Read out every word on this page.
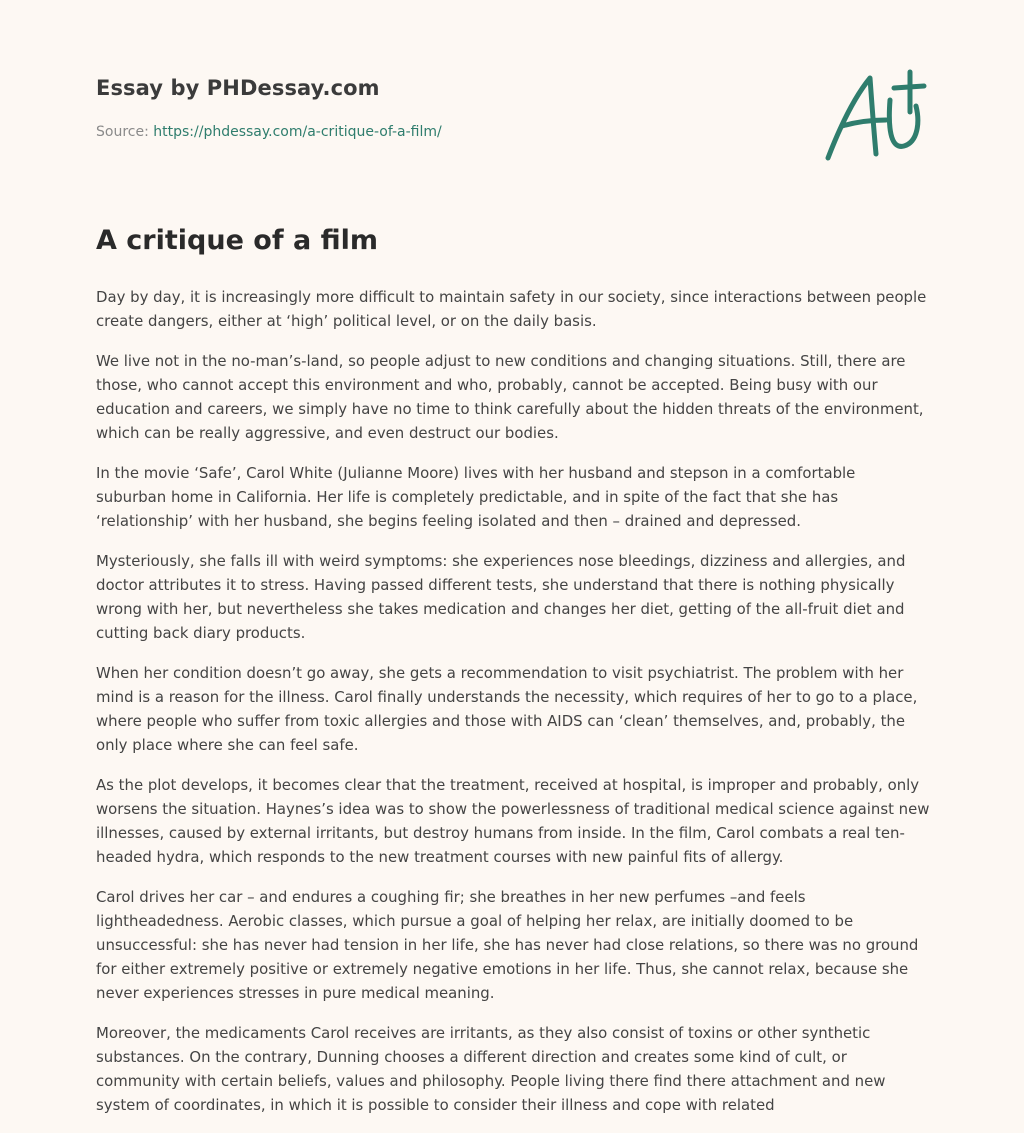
Essay by PHDessay.com
Source: https://phdessay.com/a-critique-of-a-film/
A critique of a film

Day by day, it is increasingly more difficult to maintain safety in our society, since interactions between people create dangers, either at ‘high’ political level, or on the daily basis.

We live not in the no-man’s-land, so people adjust to new conditions and changing situations. Still, there are those, who cannot accept this environment and who, probably, cannot be accepted. Being busy with our education and careers, we simply have no time to think carefully about the hidden threats of the environment, which can be really aggressive, and even destruct our bodies.

In the movie ‘Safe’, Carol White (Julianne Moore) lives with her husband and stepson in a comfortable suburban home in California. Her life is completely predictable, and in spite of the fact that she has ‘relationship’ with her husband, she begins feeling isolated and then – drained and depressed.

Mysteriously, she falls ill with weird symptoms: she experiences nose bleedings, dizziness and allergies, and doctor attributes it to stress. Having passed different tests, she understand that there is nothing physically wrong with her, but nevertheless she takes medication and changes her diet, getting of the all-fruit diet and cutting back diary products.

When her condition doesn’t go away, she gets a recommendation to visit psychiatrist. The problem with her mind is a reason for the illness. Carol finally understands the necessity, which requires of her to go to a place, where people who suffer from toxic allergies and those with AIDS can ‘clean’ themselves, and, probably, the only place where she can feel safe.

As the plot develops, it becomes clear that the treatment, received at hospital, is improper and probably, only worsens the situation. Haynes’s idea was to show the powerlessness of traditional medical science against new illnesses, caused by external irritants, but destroy humans from inside. In the film, Carol combats a real ten-headed hydra, which responds to the new treatment courses with new painful fits of allergy.

Carol drives her car – and endures a coughing fir; she breathes in her new perfumes –and feels lightheadedness. Aerobic classes, which pursue a goal of helping her relax, are initially doomed to be unsuccessful: she has never had tension in her life, she has never had close relations, so there was no ground for either extremely positive or extremely negative emotions in her life. Thus, she cannot relax, because she never experiences stresses in pure medical meaning.

Moreover, the medicaments Carol receives are irritants, as they also consist of toxins or other synthetic substances. On the contrary, Dunning chooses a different direction and creates some kind of cult, or community with certain beliefs, values and philosophy. People living there find there attachment and new system of coordinates, in which it is possible to consider their illness and cope with related
